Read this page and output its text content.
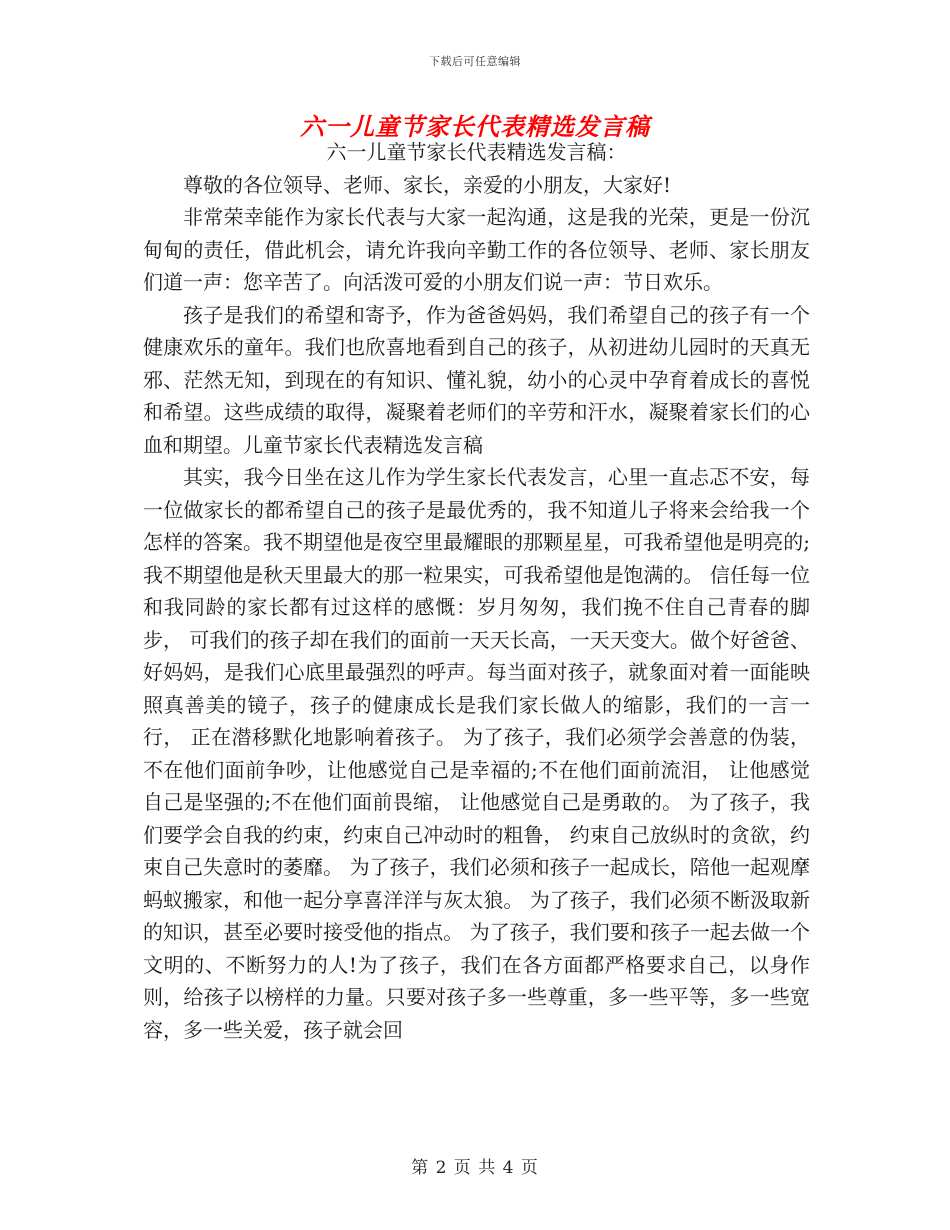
下载后可任意编辑
六一儿童节家长代表精选发言稿

六一儿童节家长代表精选发言稿：

尊敬的各位领导、老师、家长，亲爱的小朋友，大家好!

非常荣幸能作为家长代表与大家一起沟通，这是我的光荣，更是一份沉甸甸的责任，借此机会，请允许我向辛勤工作的各位领导、老师、家长朋友们道一声：您辛苦了。向活泼可爱的小朋友们说一声：节日欢乐。

孩子是我们的希望和寄予，作为爸爸妈妈，我们希望自己的孩子有一个健康欢乐的童年。我们也欣喜地看到自己的孩子，从初进幼儿园时的天真无邪、茫然无知，到现在的有知识、懂礼貌，幼小的心灵中孕育着成长的喜悦和希望。这些成绩的取得，凝聚着老师们的辛劳和汗水，凝聚着家长们的心血和期望。儿童节家长代表精选发言稿

其实，我今日坐在这儿作为学生家长代表发言，心里一直忐忑不安，每一位做家长的都希望自己的孩子是最优秀的，我不知道儿子将来会给我一个怎样的答案。我不期望他是夜空里最耀眼的那颗星星，可我希望他是明亮的;我不期望他是秋天里最大的那一粒果实，可我希望他是饱满的。 信任每一位和我同龄的家长都有过这样的感慨：岁月匆匆，我们挽不住自己青春的脚步， 可我们的孩子却在我们的面前一天天长高，一天天变大。做个好爸爸、好妈妈，是我们心底里最强烈的呼声。每当面对孩子，就象面对着一面能映照真善美的镜子，孩子的健康成长是我们家长做人的缩影，我们的一言一行， 正在潜移默化地影响着孩子。 为了孩子，我们必须学会善意的伪装，不在他们面前争吵，让他感觉自己是幸福的;不在他们面前流泪， 让他感觉自己是坚强的;不在他们面前畏缩， 让他感觉自己是勇敢的。 为了孩子，我们要学会自我的约束，约束自己冲动时的粗鲁， 约束自己放纵时的贪欲，约束自己失意时的萎靡。 为了孩子，我们必须和孩子一起成长，陪他一起观摩蚂蚁搬家，和他一起分享喜洋洋与灰太狼。 为了孩子，我们必须不断汲取新的知识，甚至必要时接受他的指点。 为了孩子，我们要和孩子一起去做一个文明的、不断努力的人!为了孩子，我们在各方面都严格要求自己，以身作则，给孩子以榜样的力量。只要对孩子多一些尊重，多一些平等，多一些宽容，多一些关爱，孩子就会回

第 2 页 共 4 页
